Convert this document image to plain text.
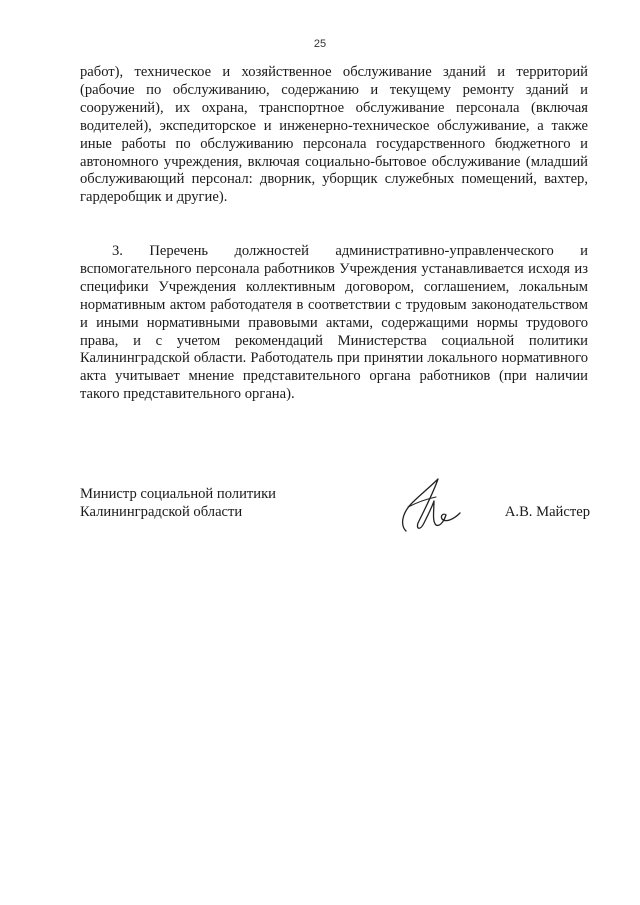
25

работ), техническое и хозяйственное обслуживание зданий и территорий (рабочие по обслуживанию, содержанию и текущему ремонту зданий и сооружений), их охрана, транспортное обслуживание персонала (включая водителей), экспедиторское и инженерно-техническое обслуживание, а также иные работы по обслуживанию персонала государственного бюджетного и автономного учреждения, включая социально-бытовое обслуживание (младший обслуживающий персонал: дворник, уборщик служебных помещений, вахтер, гардеробщик и другие).

3. Перечень должностей административно-управленческого и вспомогательного персонала работников Учреждения устанавливается исходя из специфики Учреждения коллективным договором, соглашением, локальным нормативным актом работодателя в соответствии с трудовым законодательством и иными нормативными правовыми актами, содержащими нормы трудового права, и с учетом рекомендаций Министерства социальной политики Калининградской области. Работодатель при принятии локального нормативного акта учитывает мнение представительного органа работников (при наличии такого представительного органа).

Министр социальной политики
Калининградской области	А.В. Майстер
